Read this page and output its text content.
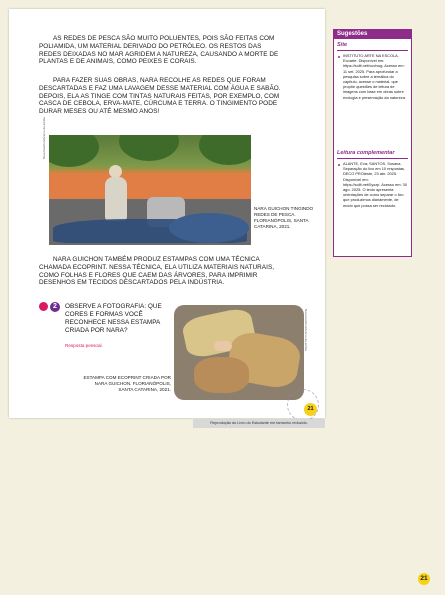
AS REDES DE PESCA SÃO MUITO POLUENTES, POIS SÃO FEITAS COM POLIAMIDA, UM MATERIAL DERIVADO DO PETRÓLEO. OS RESTOS DAS REDES DEIXADAS NO MAR AGRIDEM A NATUREZA, CAUSANDO A MORTE DE PLANTAS E DE ANIMAIS, COMO PEIXES E CORAIS.

PARA FAZER SUAS OBRAS, NARA RECOLHE AS REDES QUE FORAM DESCARTADAS E FAZ UMA LAVAGEM DESSE MATERIAL COM ÁGUA E SABÃO. DEPOIS, ELA AS TINGE COM TINTAS NATURAIS FEITAS, POR EXEMPLO, COM CASCA DE CEBOLA, ERVA-MATE, CÚRCUMA E TERRA. O TINGIMENTO PODE DURAR MESES OU ATÉ MESMO ANOS!

Nara Guichon/Acervo da artista
NARA GUICHON TINGINDO REDES DE PESCA. FLORIANÓPOLIS, SANTA CATARINA, 2021.

NARA GUICHON TAMBÉM PRODUZ ESTAMPAS COM UMA TÉCNICA CHAMADA ECOPRINT. NESSA TÉCNICA, ELA UTILIZA MATERIAIS NATURAIS, COMO FOLHAS E FLORES QUE CAEM DAS ÁRVORES, PARA IMPRIMIR DESENHOS EM TECIDOS DESCARTADOS PELA INDÚSTRIA.

2	OBSERVE A FOTOGRAFIA: QUE CORES E FORMAS VOCÊ RECONHECE NESSA ESTAMPA CRIADA POR NARA?
Resposta pessoal.	Nara Guichon/Acervo da artista
ESTAMPA COM ECOPRINT CRIADA POR NARA GUICHON. FLORIANÓPOLIS, SANTA CATARINA, 2021.
21
Reprodução do Livro do Estudante em tamanho reduzido.
Sugestões
Site

INSTITUTO ARTE NA ESCOLA. Ecoarte. Disponível em: https://sollt.net/vuvhwg. Acesso em: 11 set. 2025. Para aprofundar a pesquisa sobre a temática do capítulo, acesse o material, que propõe questões de leitura de imagens com base em obras sobre ecologia e preservação da natureza.

Leitura complementar

ALANTE, Eva; SANTOS, Susana. Separação do lixo em 10 respostas. DECO PROteste, 23 abr. 2025. Disponível em: https://sollt.net/0yzzp. Acesso em: 30 ago. 2025. O texto apresenta orientações de como separar o lixo que produzimos diariamente, de modo que possa ser reciclado.

21
